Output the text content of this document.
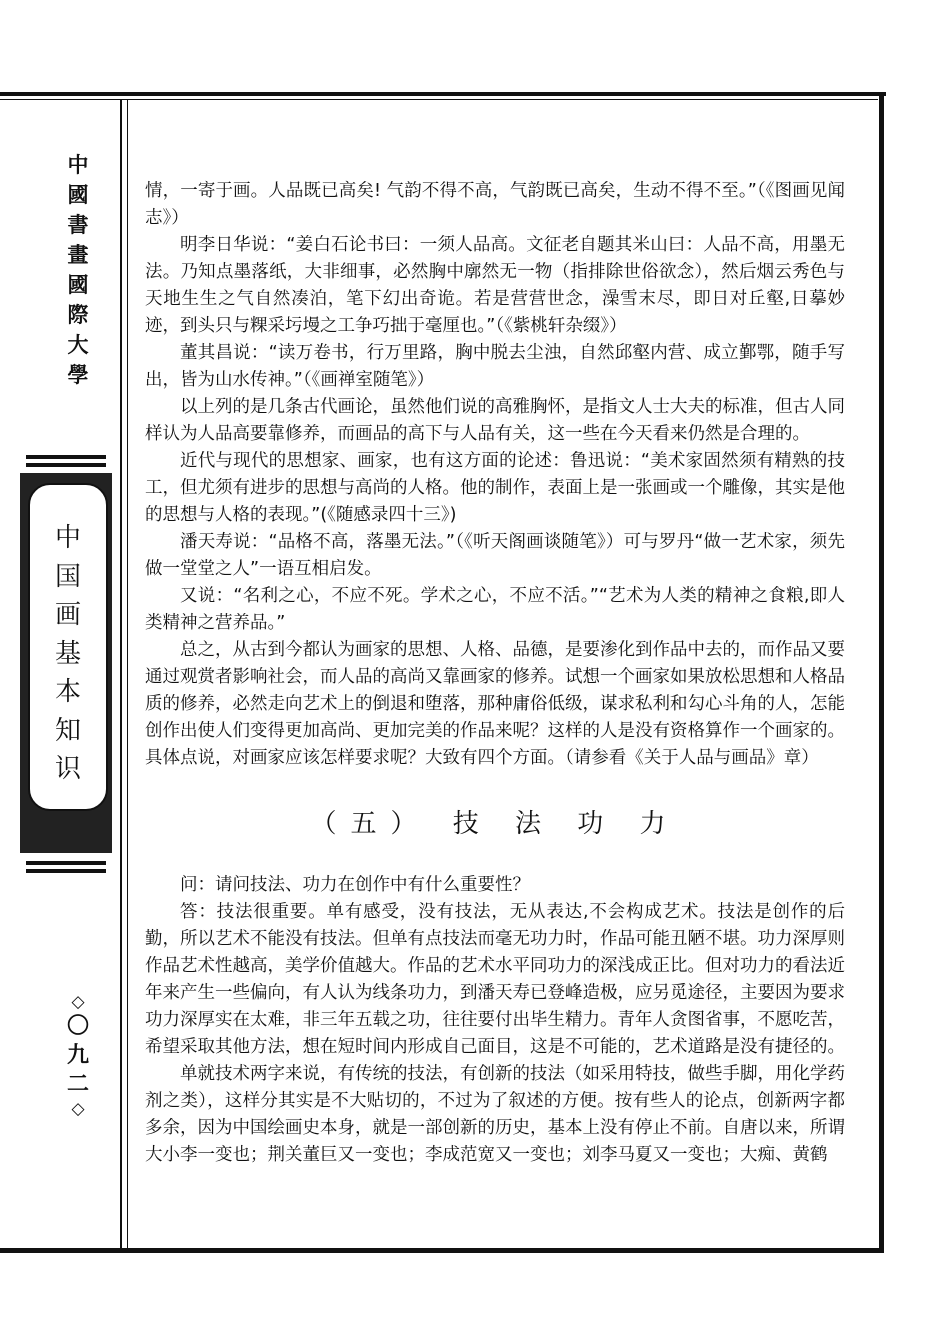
中
國
書
畫
國
際
大
學
中
国
画
基
本
知
识
◇
〇
九
二
◇

情，一寄于画。人品既已高矣! 气韵不得不高，气韵既已高矣，生动不得不至。”（《图画见闻志》）

明李日华说：“姜白石论书曰：一须人品高。文征老自题其米山曰：人品不高，用墨无法。乃知点墨落纸，大非细事，必然胸中廓然无一物（指排除世俗欲念），然后烟云秀色与天地生生之气自然凑泊，笔下幻出奇诡。若是营营世念，澡雪末尽，即日对丘壑,日摹妙迹，到头只与粿采圬墁之工争巧拙于毫厘也。”（《紫桃轩杂缀》）

董其昌说：“读万卷书，行万里路，胸中脱去尘浊，自然邱壑内营、成立鄞鄂，随手写出，皆为山水传神。”（《画禅室随笔》）

以上列的是几条古代画论，虽然他们说的高雅胸怀，是指文人士大夫的标准，但古人同样认为人品高要靠修养，而画品的高下与人品有关，这一些在今天看来仍然是合理的。

近代与现代的思想家、画家，也有这方面的论述：鲁迅说：“美术家固然须有精熟的技工，但尤须有进步的思想与高尚的人格。他的制作，表面上是一张画或一个雕像，其实是他的思想与人格的表现。”(《随感录四十三》)

潘天寿说：“品格不高，落墨无法。”（《听天阁画谈随笔》）可与罗丹“做一艺术家，须先做一堂堂之人”一语互相启发。

又说：“名利之心，不应不死。学术之心，不应不活。”“艺术为人类的精神之食粮,即人类精神之营养品。”

总之，从古到今都认为画家的思想、人格、品德，是要渗化到作品中去的，而作品又要通过观赏者影响社会，而人品的高尚又靠画家的修养。试想一个画家如果放松思想和人格品质的修养，必然走向艺术上的倒退和堕落，那种庸俗低级，谋求私利和勾心斗角的人，怎能创作出使人们变得更加高尚、更加完美的作品来呢？这样的人是没有资格算作一个画家的。具体点说，对画家应该怎样要求呢？大致有四个方面。（请参看《关于人品与画品》章）

（五） 技 法 功 力

问：请问技法、功力在创作中有什么重要性？

答：技法很重要。单有感受，没有技法，无从表达,不会构成艺术。技法是创作的后勤，所以艺术不能没有技法。但单有点技法而毫无功力时，作品可能丑陋不堪。功力深厚则作品艺术性越高，美学价值越大。作品的艺术水平同功力的深浅成正比。但对功力的看法近年来产生一些偏向，有人认为线条功力，到潘天寿已登峰造极，应另觅途径，主要因为要求功力深厚实在太难，非三年五载之功，往往要付出毕生精力。青年人贪图省事，不愿吃苦，希望采取其他方法，想在短时间内形成自己面目，这是不可能的，艺术道路是没有捷径的。

单就技术两字来说，有传统的技法，有创新的技法（如采用特技，做些手脚，用化学药剂之类），这样分其实是不大贴切的，不过为了叙述的方便。按有些人的论点，创新两字都多余，因为中国绘画史本身，就是一部创新的历史，基本上没有停止不前。自唐以来，所谓大小李一变也；荆关董巨又一变也；李成范宽又一变也；刘李马夏又一变也；大痴、黄鹤
